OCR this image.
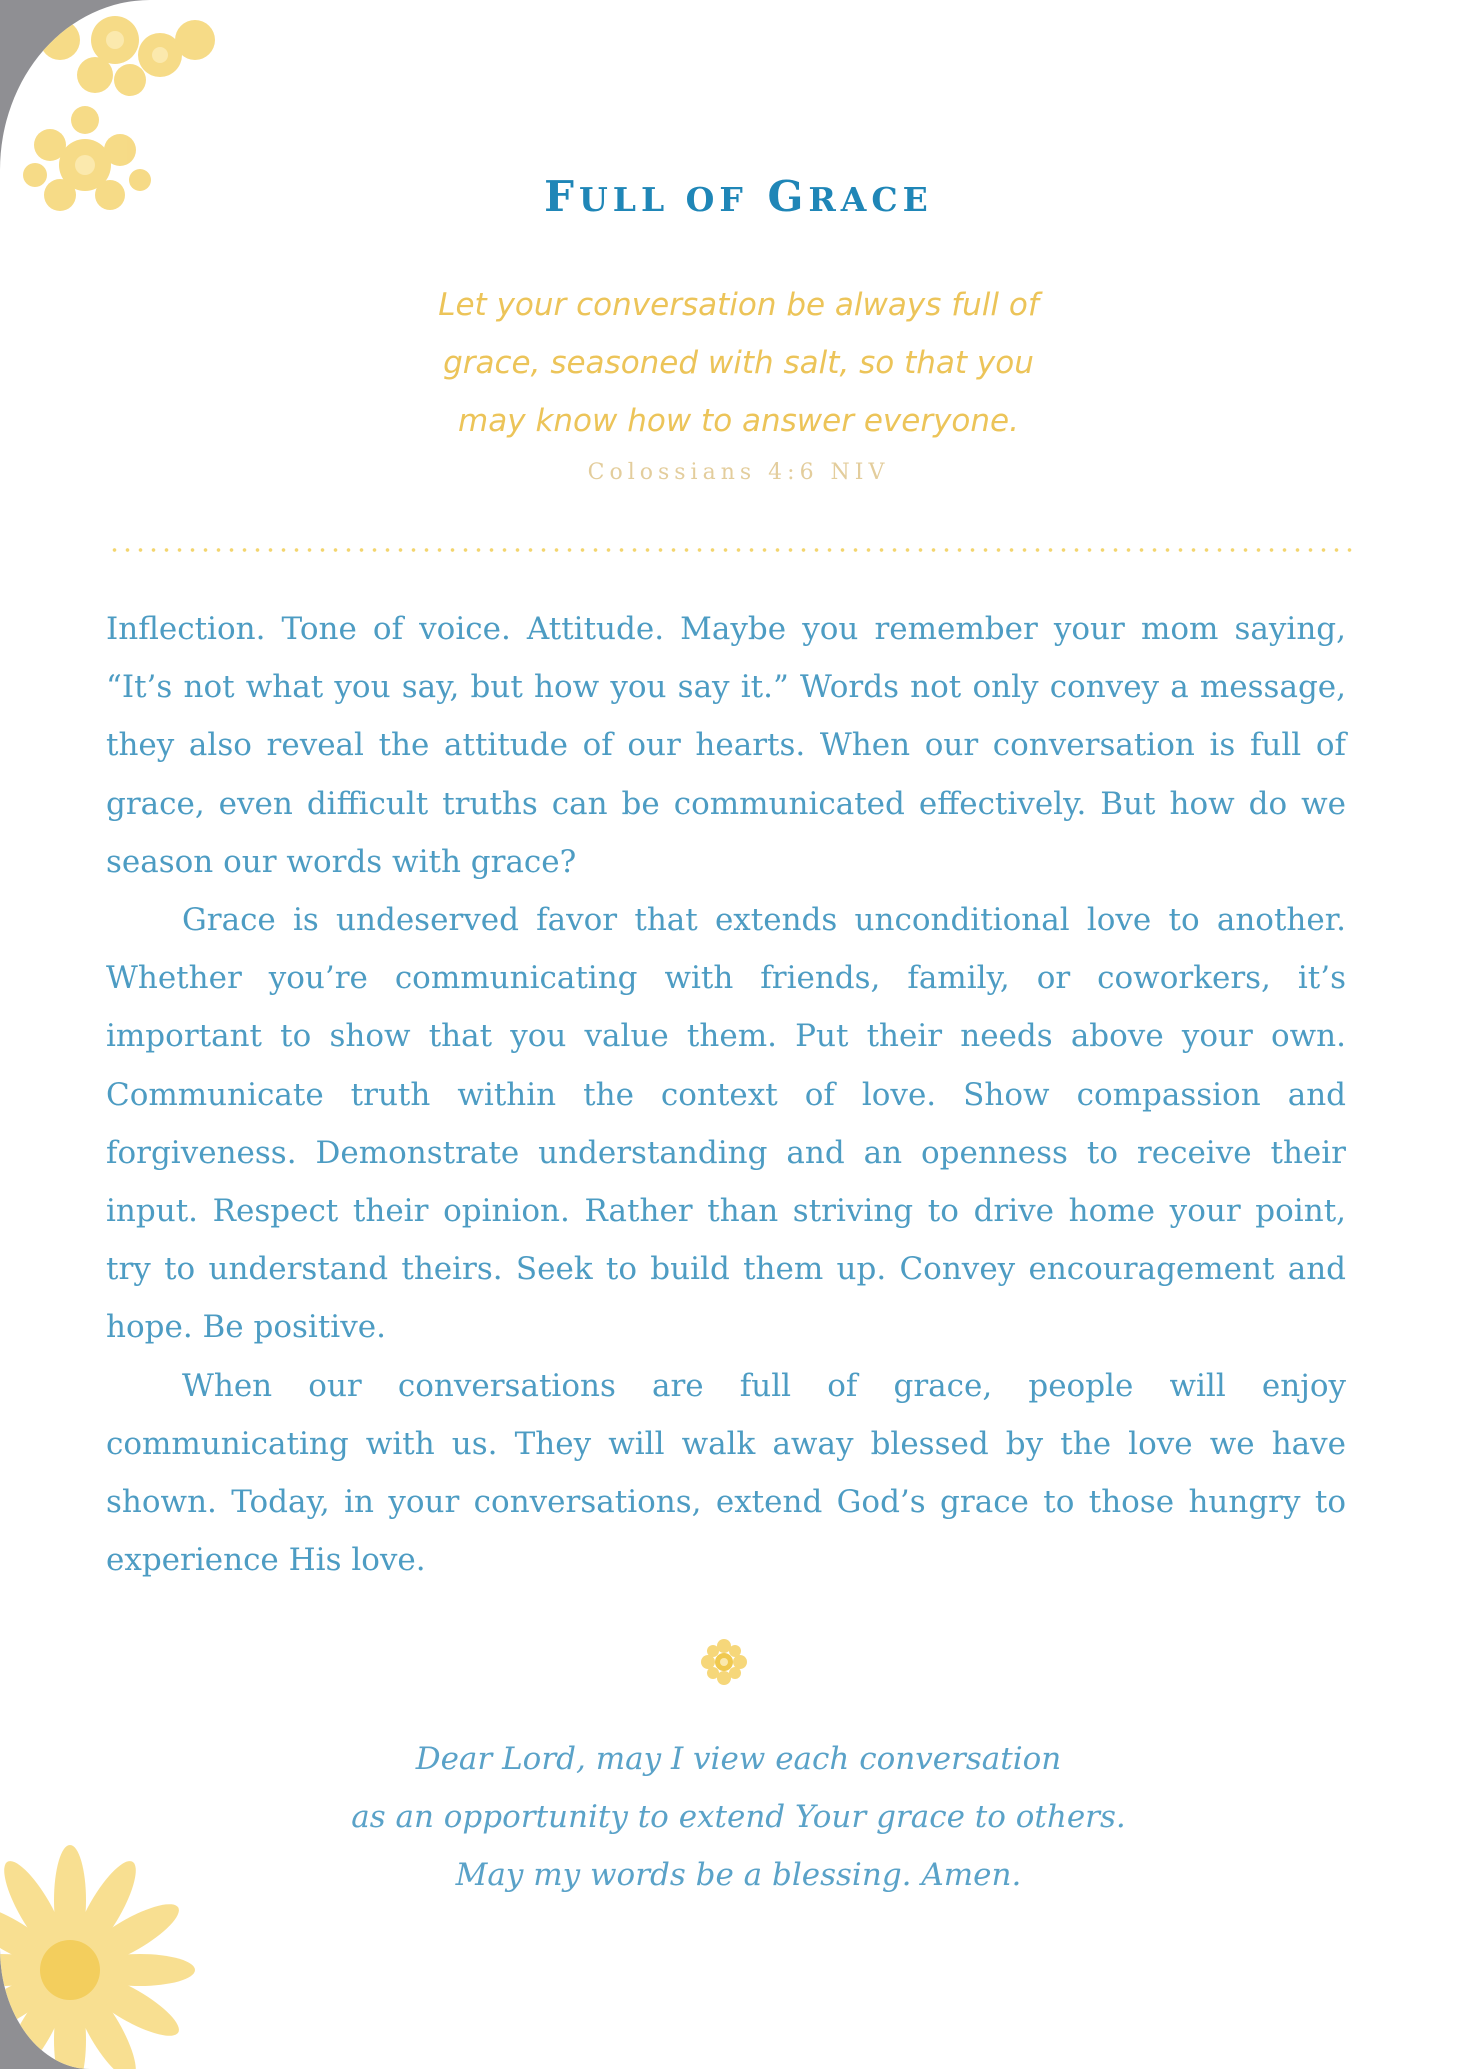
FULL OF GRACE
Let your conversation be always full of
grace, seasoned with salt, so that you
may know how to answer everyone.
Colossians 4:6 NIV

Inflection. Tone of voice. Attitude. Maybe you remember your mom saying, “It’s not what you say, but how you say it.” Words not only convey a message, they also reveal the attitude of our hearts. When our conversation is full of grace, even difficult truths can be communicated effectively. But how do we season our words with grace?

Grace is undeserved favor that extends unconditional love to another. Whether you’re communicating with friends, family, or coworkers, it’s important to show that you value them. Put their needs above your own. Communicate truth within the context of love. Show compassion and forgiveness. Demonstrate understanding and an openness to receive their input. Respect their opinion. Rather than striving to drive home your point, try to understand theirs. Seek to build them up. Convey encouragement and hope. Be positive.

When our conversations are full of grace, people will enjoy communicating with us. They will walk away blessed by the love we have shown. Today, in your conversations, extend God’s grace to those hungry to experience His love.

Dear Lord, may I view each conversation
as an opportunity to extend Your grace to others.
May my words be a blessing. Amen.
